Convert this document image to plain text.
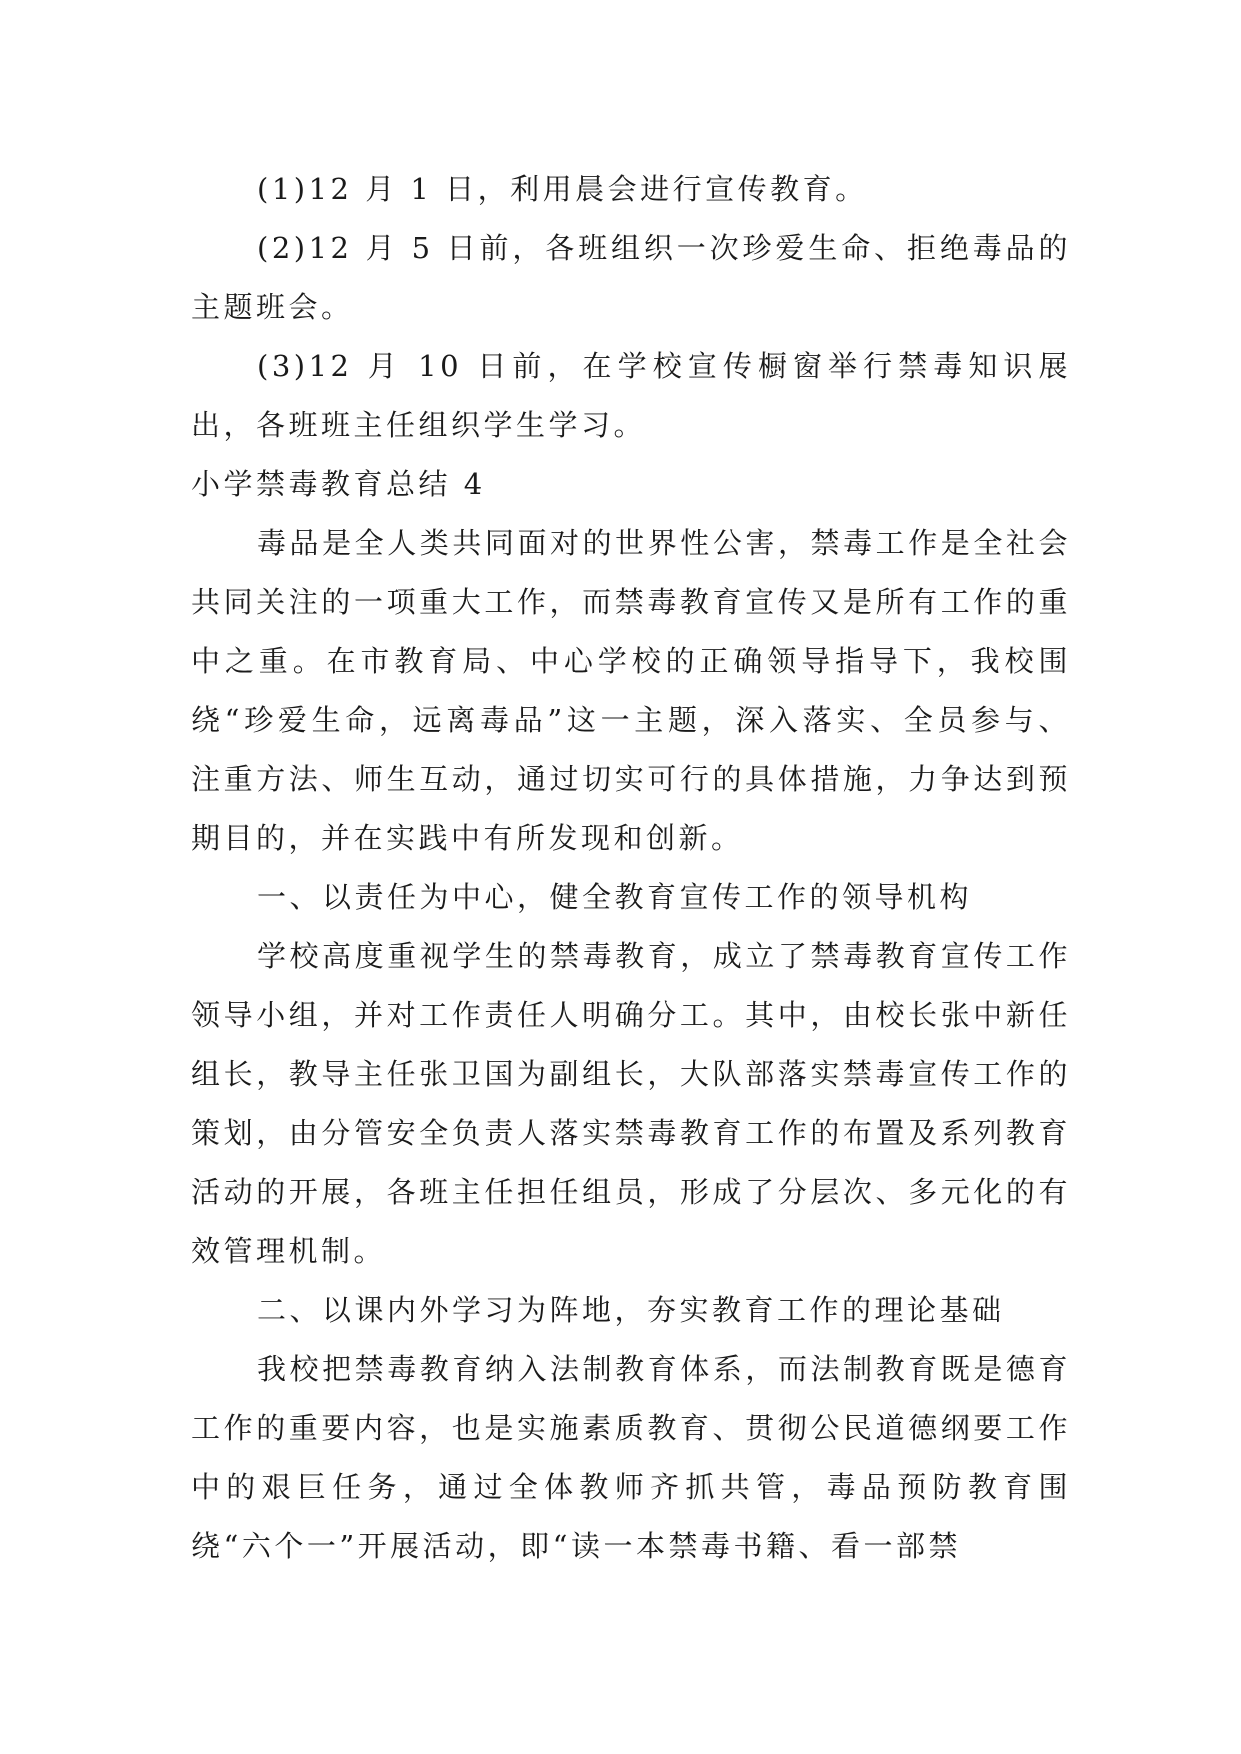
(1)12 月 1 日，利用晨会进行宣传教育。

(2)12 月 5 日前，各班组织一次珍爱生命、拒绝毒品的主题班会。

(3)12 月 10 日前，在学校宣传橱窗举行禁毒知识展出，各班班主任组织学生学习。

小学禁毒教育总结 4

毒品是全人类共同面对的世界性公害，禁毒工作是全社会共同关注的一项重大工作，而禁毒教育宣传又是所有工作的重中之重。在市教育局、中心学校的正确领导指导下，我校围绕“珍爱生命，远离毒品”这一主题，深入落实、全员参与、注重方法、师生互动，通过切实可行的具体措施，力争达到预期目的，并在实践中有所发现和创新。

一、以责任为中心，健全教育宣传工作的领导机构

学校高度重视学生的禁毒教育，成立了禁毒教育宣传工作领导小组，并对工作责任人明确分工。其中，由校长张中新任组长，教导主任张卫国为副组长，大队部落实禁毒宣传工作的策划，由分管安全负责人落实禁毒教育工作的布置及系列教育活动的开展，各班主任担任组员，形成了分层次、多元化的有效管理机制。

二、以课内外学习为阵地，夯实教育工作的理论基础

我校把禁毒教育纳入法制教育体系，而法制教育既是德育工作的重要内容，也是实施素质教育、贯彻公民道德纲要工作中的艰巨任务，通过全体教师齐抓共管，毒品预防教育围绕“六个一”开展活动，即“读一本禁毒书籍、看一部禁
